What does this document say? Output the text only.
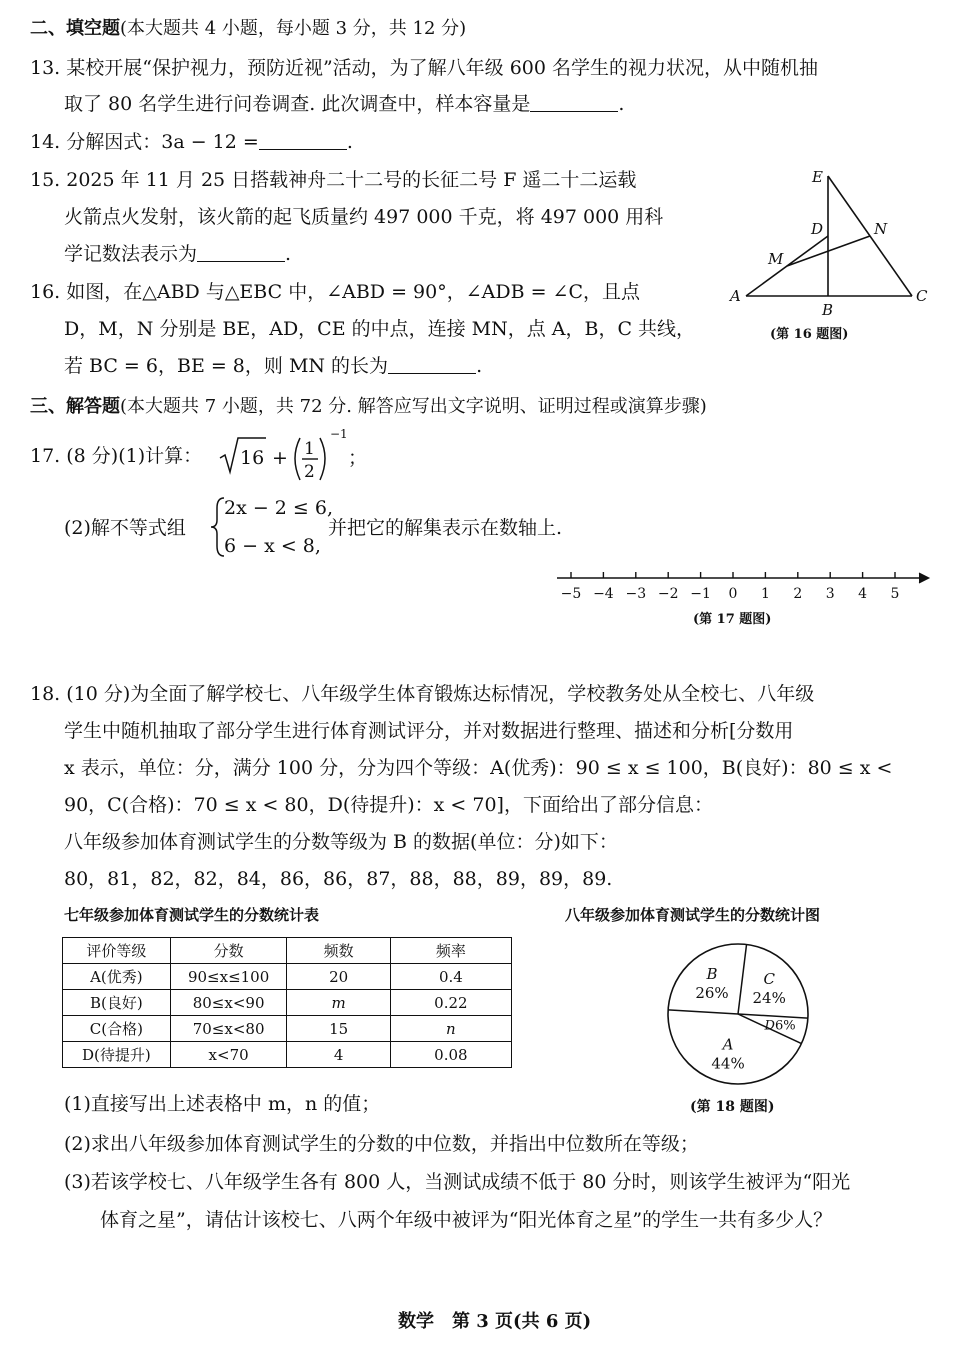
二、填空题(本大题共 4 小题，每小题 3 分，共 12 分)
13. 某校开展“保护视力，预防近视”活动，为了解八年级 600 名学生的视力状况，从中随机抽
取了 80 名学生进行问卷调查. 此次调查中，样本容量是	.
14. 分解因式：3a − 12 =	.
15. 2025 年 11 月 25 日搭载神舟二十二号的长征二号 F 遥二十二运载
火箭点火发射，该火箭的起飞质量约 497 000 千克，将 497 000 用科
学记数法表示为	.
16. 如图，在△ABD 与△EBC 中，∠ABD = 90°，∠ADB = ∠C，且点
D，M，N 分别是 BE，AD，CE 的中点，连接 MN，点 A，B，C 共线，
若 BC = 6，BE = 8，则 MN 的长为	.
E
D	N
M
A
B
C
(第 16 题图)
三、解答题(本大题共 7 小题，共 72 分. 解答应写出文字说明、证明过程或演算步骤)
17. (8 分)(1)计算： 16 + 1
2
−1
；
(2)解不等式组
2x − 2 ≤ 6,
6 − x < 8,
并把它的解集表示在数轴上.
−5 −4 −3 −2 −1 0 1 2 3 4 5
(第 17 题图)
18. (10 分)为全面了解学校七、八年级学生体育锻炼达标情况，学校教务处从全校七、八年级
学生中随机抽取了部分学生进行体育测试评分，并对数据进行整理、描述和分析[分数用
x 表示，单位：分，满分 100 分，分为四个等级：A(优秀)：90 ≤ x ≤ 100，B(良好)：80 ≤ x <
90，C(合格)：70 ≤ x < 80，D(待提升)：x < 70]，下面给出了部分信息：
八年级参加体育测试学生的分数等级为 B 的数据(单位：分)如下：
80，81，82，82，84，86，86，87，88，88，89，89，89.
七年级参加体育测试学生的分数统计表
评价等级	分数	频数	频率
A(优秀)	90≤x≤100	20	0.4
B(良好)	80≤x<90	m	0.22
C(合格)	70≤x<80	15	n
D(待提升)	x<70	4	0.08
八年级参加体育测试学生的分数统计图
C 24%
D6%
A 44%
B 26%
(第 18 题图)
(1)直接写出上述表格中 m，n 的值；
(2)求出八年级参加体育测试学生的分数的中位数，并指出中位数所在等级；
(3)若该学校七、八年级学生各有 800 人，当测试成绩不低于 80 分时，则该学生被评为“阳光
体育之星”，请估计该校七、八两个年级中被评为“阳光体育之星”的学生一共有多少人？
数学　第 3 页(共 6 页)
